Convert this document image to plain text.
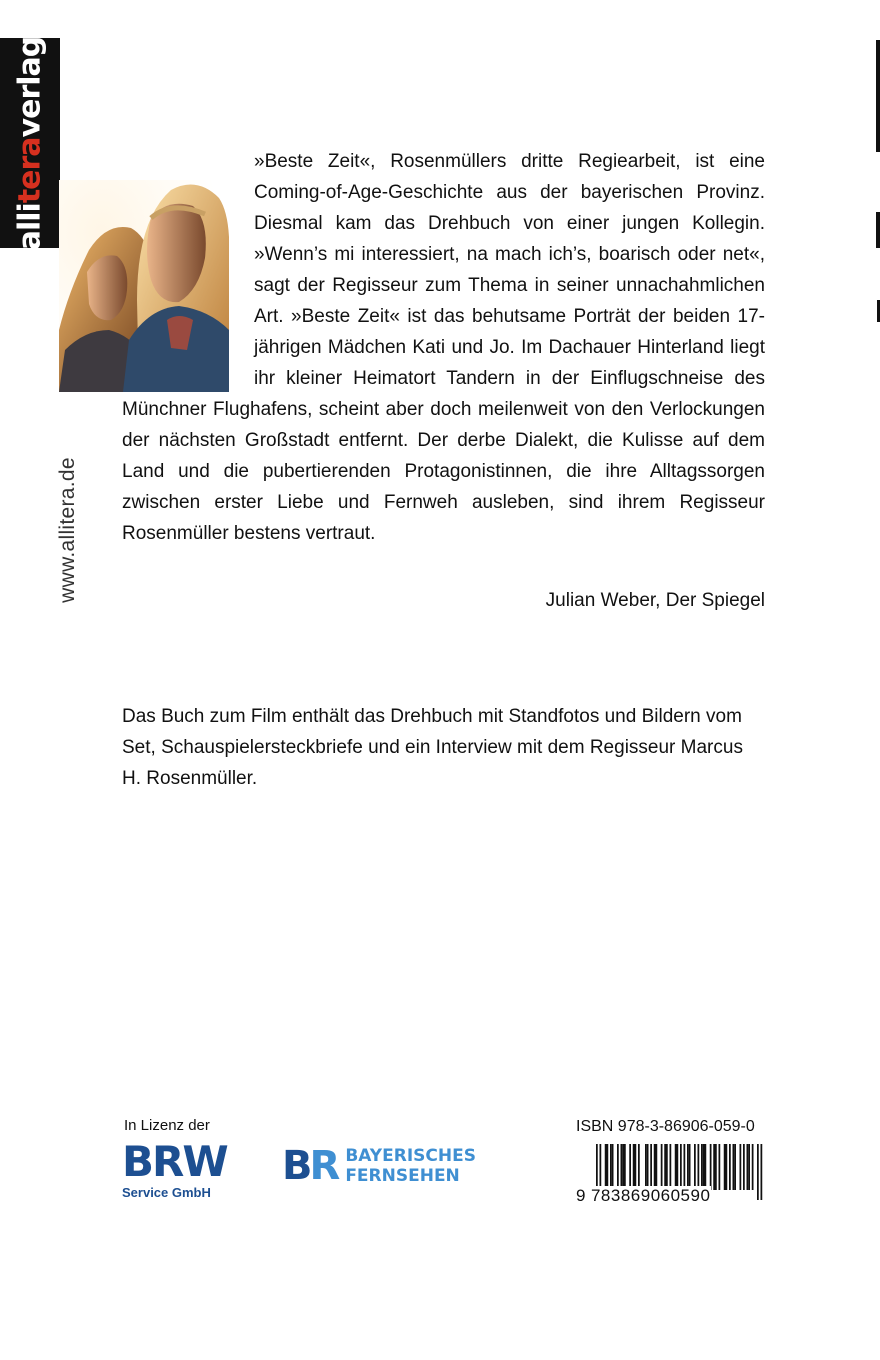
alliteraverlag
www.allitera.de
»Beste Zeit«, Rosenmüllers dritte Regiearbeit, ist eine Coming-of-Age-Geschichte aus der bayerischen Provinz. Diesmal kam das Drehbuch von einer jungen Kollegin. »Wenn’s mi interessiert, na mach ich’s, boarisch oder net«, sagt der Regisseur zum Thema in seiner unnachahmlichen Art. »Beste Zeit« ist das behutsame Porträt der beiden 17-jährigen Mädchen Kati und Jo. Im Dachauer Hinterland liegt ihr kleiner Heimatort Tandern in der Einflugschneise des Münchner Flughafens, scheint aber doch meilenweit von den Verlockungen der nächsten Großstadt entfernt. Der derbe Dialekt, die Kulisse auf dem Land und die pubertierenden Protagonistinnen, die ihre Alltagssorgen zwischen erster Liebe und Fernweh ausleben, sind ihrem Regisseur Rosenmüller bestens vertraut.
Julian Weber, Der Spiegel
Das Buch zum Film enthält das Drehbuch mit Standfotos und Bildern vom Set, Schauspielersteckbriefe und ein Interview mit dem Regisseur Marcus H. Rosenmüller.
In Lizenz der
BRW
Service GmbH
BR BAYERISCHES
FERNSEHEN
ISBN 978-3-86906-059-0
9 783869060590
